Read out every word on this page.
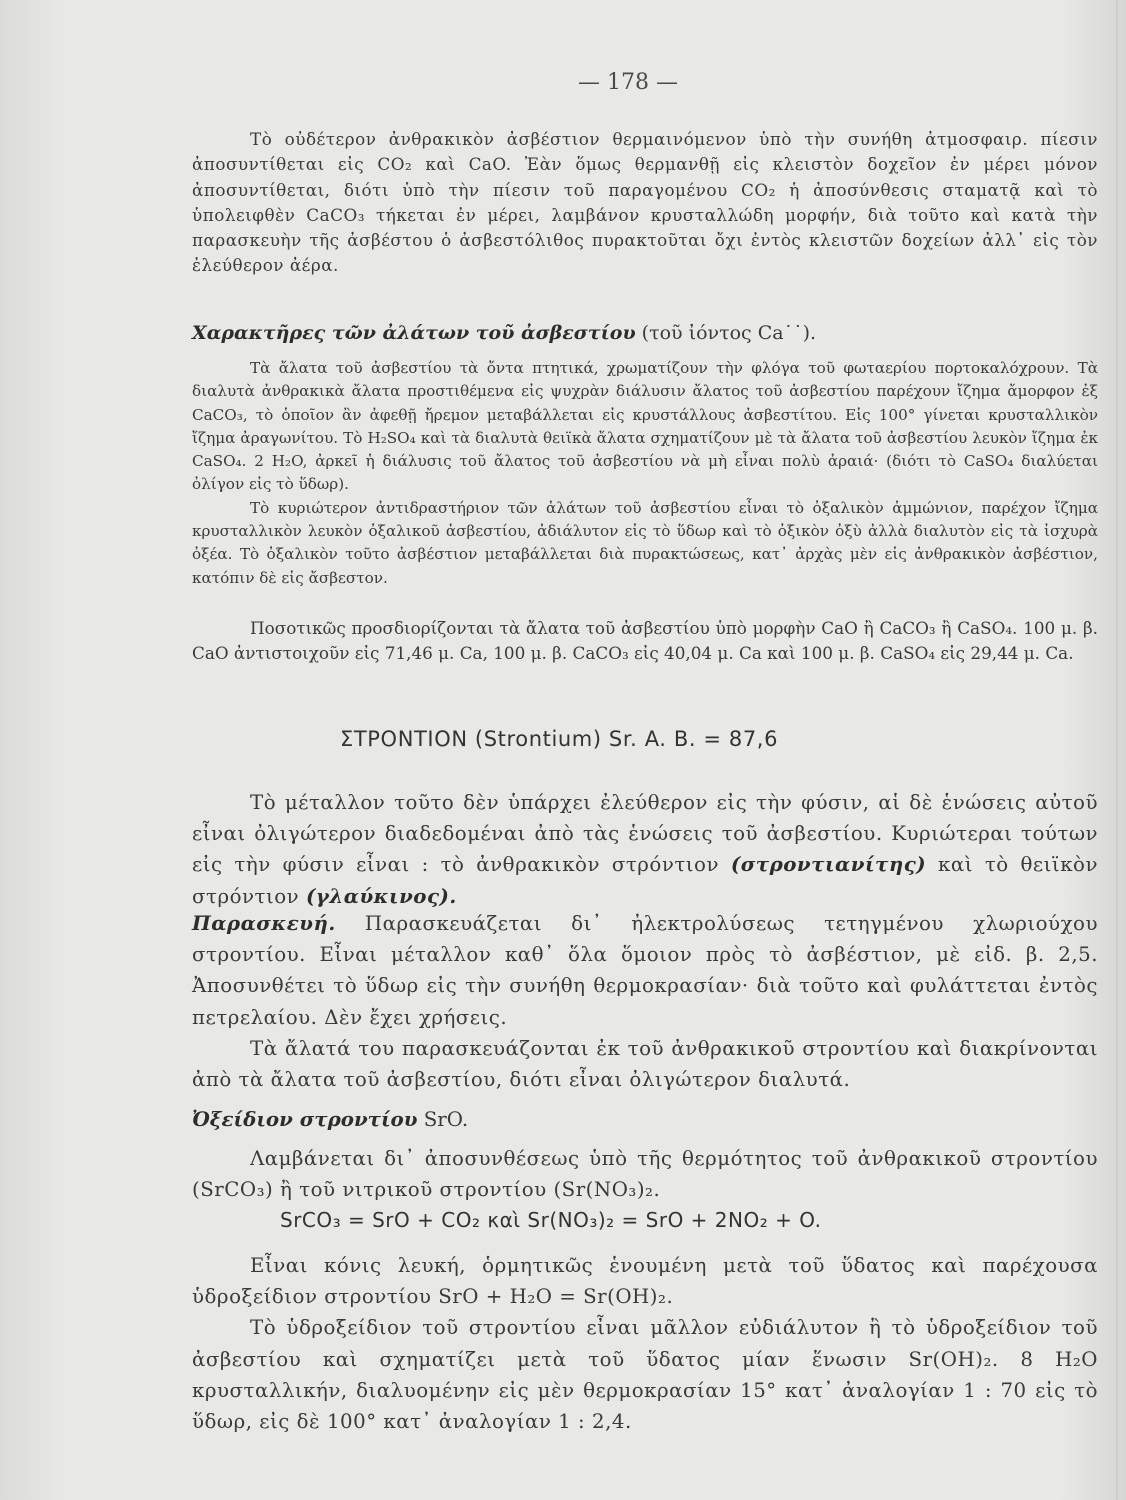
— 178 —

Τὸ οὐδέτερον ἀνθρακικὸν ἀσβέστιον θερμαινόμενον ὑπὸ τὴν συνήθη ἀτμοσφαιρ. πίεσιν ἀποσυντίθεται εἰς CO₂ καὶ CaO. Ἐὰν ὅμως θερμανθῇ εἰς κλειστὸν δοχεῖον ἐν μέρει μόνον ἀποσυντίθεται, διότι ὑπὸ τὴν πίεσιν τοῦ παραγομένου CO₂ ἡ ἀποσύνθεσις σταματᾷ καὶ τὸ ὑπολειφθὲν CaCO₃ τήκεται ἐν μέρει, λαμβάνον κρυσταλλώδη μορφήν, διὰ τοῦτο καὶ κατὰ τὴν παρασκευὴν τῆς ἀσβέστου ὁ ἀσβεστόλιθος πυρακτοῦται ὄχι ἐντὸς κλειστῶν δοχείων ἀλλ᾿ εἰς τὸν ἐλεύθερον ἀέρα.

Χαρακτῆρες τῶν ἀλάτων τοῦ ἀσβεστίου (τοῦ ἰόντος Ca˙˙).

Τὰ ἄλατα τοῦ ἀσβεστίου τὰ ὄντα πτητικά, χρωματίζουν τὴν φλόγα τοῦ φωταερίου πορτοκαλόχρουν. Τὰ διαλυτὰ ἀνθρακικὰ ἄλατα προστιθέμενα εἰς ψυχρὰν διάλυσιν ἄλατος τοῦ ἀσβεστίου παρέχουν ἴζημα ἄμορφον ἐξ CaCO₃, τὸ ὁποῖον ἂν ἀφεθῇ ἤρεμον μεταβάλλεται εἰς κρυστάλλους ἀσβεστίτου. Εἰς 100° γίνεται κρυσταλλικὸν ἴζημα ἀραγωνίτου. Τὸ H₂SO₄ καὶ τὰ διαλυτὰ θειϊκὰ ἄλατα σχηματίζουν μὲ τὰ ἄλατα τοῦ ἀσβεστίου λευκὸν ἴζημα ἐκ CaSO₄. 2 H₂O, ἀρκεῖ ἡ διάλυσις τοῦ ἄλατος τοῦ ἀσβεστίου νὰ μὴ εἶναι πολὺ ἀραιά· (διότι τὸ CaSO₄ διαλύεται ὀλίγον εἰς τὸ ὕδωρ).

Τὸ κυριώτερον ἀντιδραστήριον τῶν ἀλάτων τοῦ ἀσβεστίου εἶναι τὸ ὀξαλικὸν ἀμμώνιον, παρέχον ἴζημα κρυσταλλικὸν λευκὸν ὀξαλικοῦ ἀσβεστίου, ἀδιάλυτον εἰς τὸ ὕδωρ καὶ τὸ ὀξικὸν ὀξὺ ἀλλὰ διαλυτὸν εἰς τὰ ἰσχυρὰ ὀξέα. Τὸ ὀξαλικὸν τοῦτο ἀσβέστιον μεταβάλλεται διὰ πυρακτώσεως, κατ᾿ ἀρχὰς μὲν εἰς ἀνθρακικὸν ἀσβέστιον, κατόπιν δὲ εἰς ἄσβεστον.

Ποσοτικῶς προσδιορίζονται τὰ ἄλατα τοῦ ἀσβεστίου ὑπὸ μορφὴν CaO ἢ CaCO₃ ἢ CaSO₄. 100 μ. β. CaO ἀντιστοιχοῦν εἰς 71,46 μ. Ca, 100 μ. β. CaCO₃ εἰς 40,04 μ. Ca καὶ 100 μ. β. CaSO₄ εἰς 29,44 μ. Ca.

ΣΤΡΟΝΤΙΟΝ (Strontium) Sr. A. B. = 87,6

Τὸ μέταλλον τοῦτο δὲν ὑπάρχει ἐλεύθερον εἰς τὴν φύσιν, αἱ δὲ ἑνώσεις αὐτοῦ εἶναι ὀλιγώτερον διαδεδομέναι ἀπὸ τὰς ἑνώσεις τοῦ ἀσβεστίου. Κυριώτεραι τούτων εἰς τὴν φύσιν εἶναι : τὸ ἀνθρακικὸν στρόντιον (στροντιανίτης) καὶ τὸ θειϊκὸν στρόντιον (γλαύκινος).

Παρασκευή. Παρασκευάζεται δι᾿ ἠλεκτρολύσεως τετηγμένου χλωριούχου στροντίου. Εἶναι μέταλλον καθ᾿ ὅλα ὅμοιον πρὸς τὸ ἀσβέστιον, μὲ εἰδ. β. 2,5. Ἀποσυνθέτει τὸ ὕδωρ εἰς τὴν συνήθη θερμοκρασίαν· διὰ τοῦτο καὶ φυλάττεται ἐντὸς πετρελαίου. Δὲν ἔχει χρήσεις.

Τὰ ἄλατά του παρασκευάζονται ἐκ τοῦ ἀνθρακικοῦ στροντίου καὶ διακρίνονται ἀπὸ τὰ ἄλατα τοῦ ἀσβεστίου, διότι εἶναι ὀλιγώτερον διαλυτά.

Ὀξείδιον στροντίου SrO.

Λαμβάνεται δι᾿ ἀποσυνθέσεως ὑπὸ τῆς θερμότητος τοῦ ἀνθρακικοῦ στροντίου (SrCO₃) ἢ τοῦ νιτρικοῦ στροντίου (Sr(NO₃)₂.

SrCO₃ = SrO + CO₂ καὶ Sr(NO₃)₂ = SrO + 2NO₂ + O.

Εἶναι κόνις λευκή, ὁρμητικῶς ἑνουμένη μετὰ τοῦ ὕδατος καὶ παρέχουσα ὑδροξείδιον στροντίου SrO + H₂O = Sr(OH)₂.

Τὸ ὑδροξείδιον τοῦ στροντίου εἶναι μᾶλλον εὐδιάλυτον ἢ τὸ ὑδροξείδιον τοῦ ἀσβεστίου καὶ σχηματίζει μετὰ τοῦ ὕδατος μίαν ἕνωσιν Sr(OH)₂. 8 H₂O κρυσταλλικήν, διαλυομένην εἰς μὲν θερμοκρασίαν 15° κατ᾿ ἀναλογίαν 1 : 70 εἰς τὸ ὕδωρ, εἰς δὲ 100° κατ᾿ ἀναλογίαν 1 : 2,4.
